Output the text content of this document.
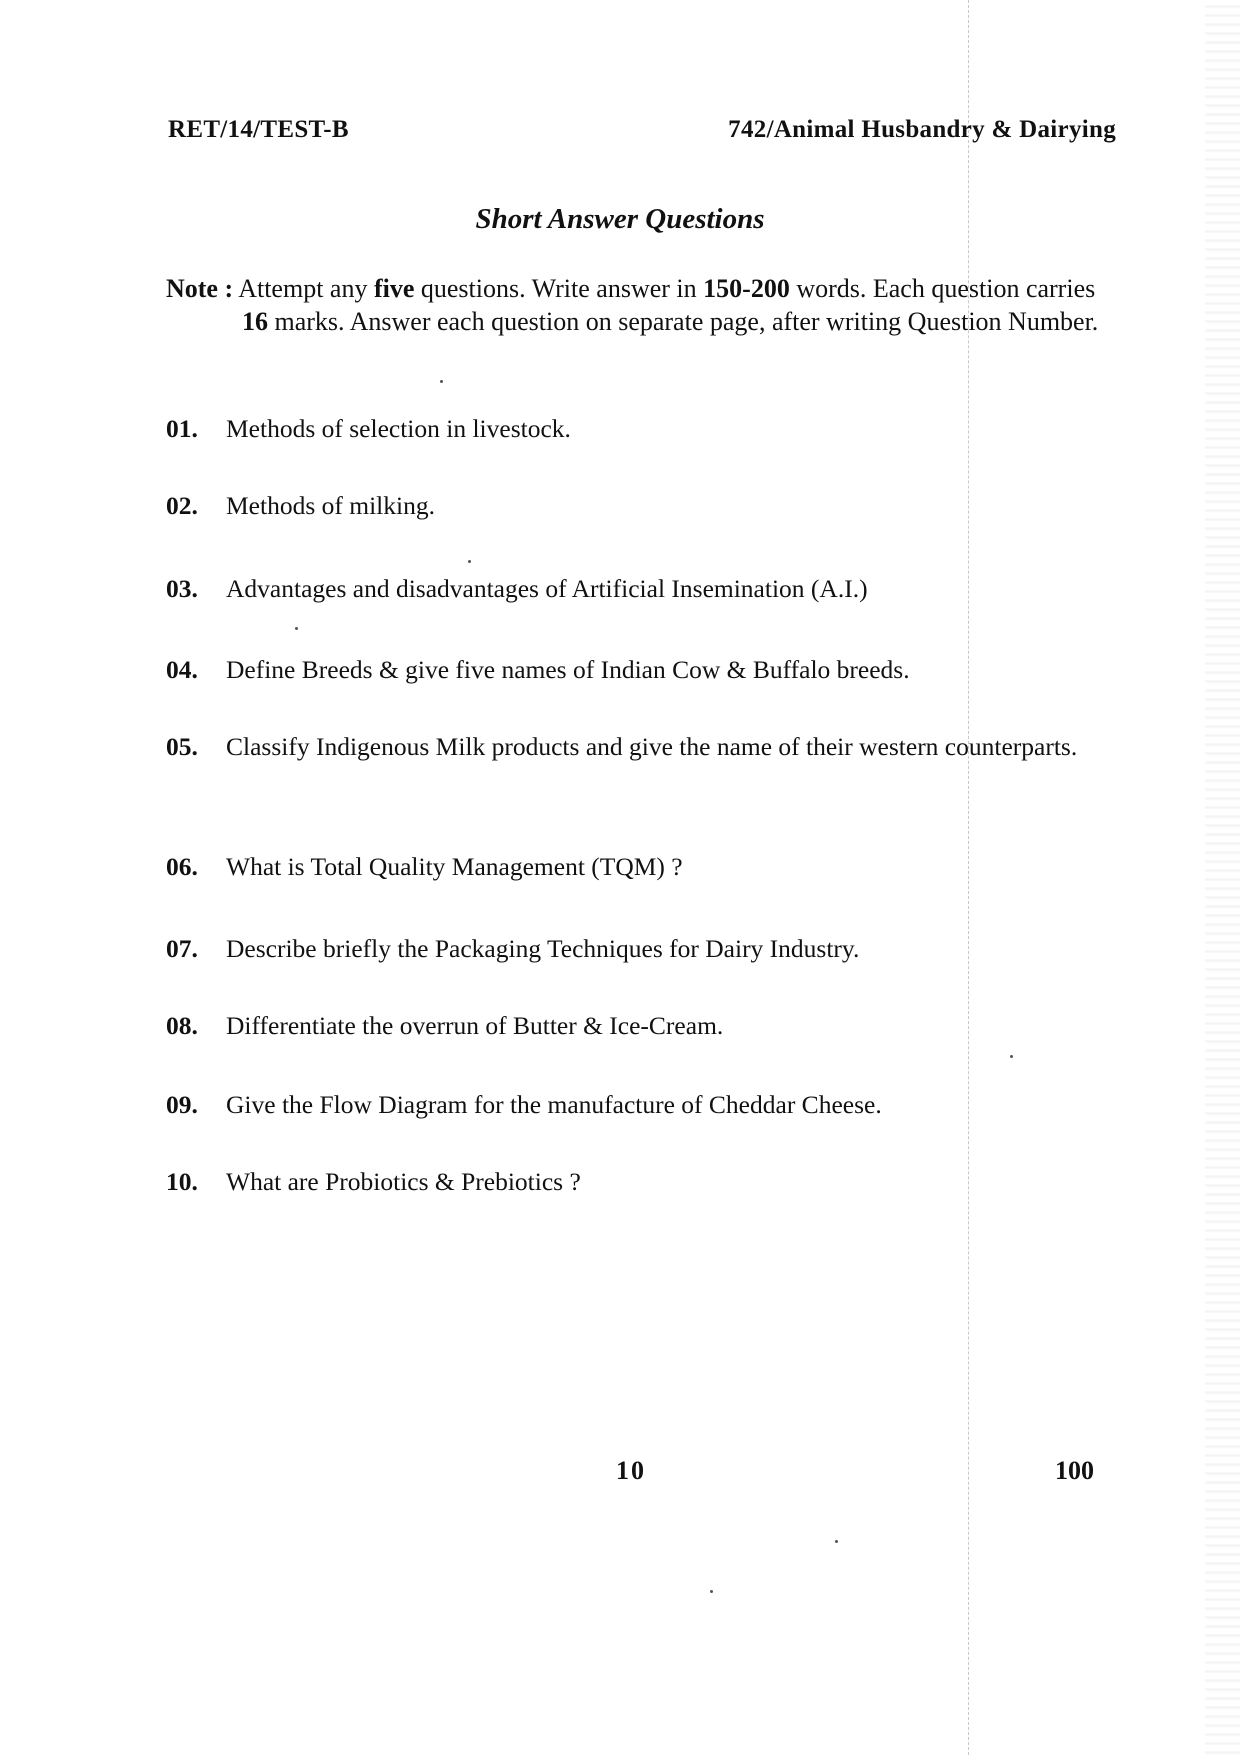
RET/14/TEST-B	742/Animal Husbandry & Dairying
Short Answer Questions
Note : Attempt any five questions. Write answer in 150-200 words. Each question carries 16 marks. Answer each question on separate page, after writing Question Number.
01. Methods of selection in livestock.
02. Methods of milking.
03. Advantages and disadvantages of Artificial Insemination (A.I.)
04. Define Breeds & give five names of Indian Cow & Buffalo breeds.
05. Classify Indigenous Milk products and give the name of their western counterparts.
06. What is Total Quality Management (TQM) ?
07. Describe briefly the Packaging Techniques for Dairy Industry.
08. Differentiate the overrun of Butter & Ice-Cream.
09. Give the Flow Diagram for the manufacture of Cheddar Cheese.
10. What are Probiotics & Prebiotics ?
10	100
